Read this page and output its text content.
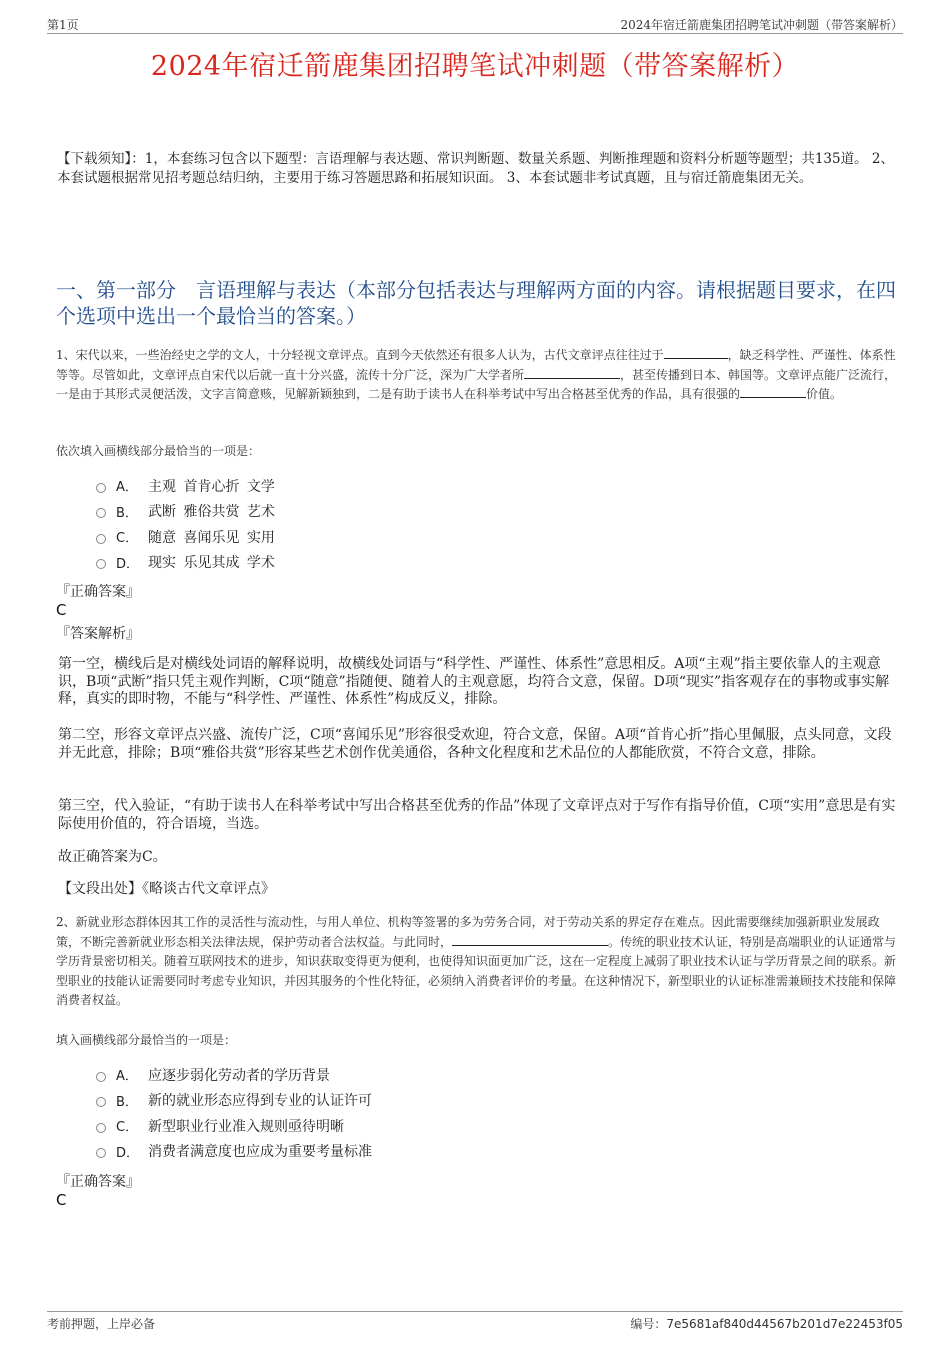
第1页	2024年宿迁箭鹿集团招聘笔试冲刺题（带答案解析）
2024年宿迁箭鹿集团招聘笔试冲刺题（带答案解析）
【下载须知】：1，本套练习包含以下题型：言语理解与表达题、常识判断题、数量关系题、判断推理题和资料分析题等题型；共135道。 2、本套试题根据常见招考题总结归纳，主要用于练习答题思路和拓展知识面。 3、本套试题非考试真题，且与宿迁箭鹿集团无关。
一、第一部分　言语理解与表达（本部分包括表达与理解两方面的内容。请根据题目要求，在四个选项中选出一个最恰当的答案。）
1、宋代以来，一些治经史之学的文人，十分轻视文章评点。直到今天依然还有很多人认为，古代文章评点往往过于	，缺乏科学性、严谨性、体系性等等。尽管如此，文章评点自宋代以后就一直十分兴盛，流传十分广泛，深为广大学者所	，甚至传播到日本、韩国等。文章评点能广泛流行，一是由于其形式灵便活泼，文字言简意赅，见解新颖独到，二是有助于读书人在科举考试中写出合格甚至优秀的作品，具有很强的	价值。
依次填入画横线部分最恰当的一项是：
A． 主观 首肯心折 文学
B． 武断 雅俗共赏 艺术
C． 随意 喜闻乐见 实用
D． 现实 乐见其成 学术
『正确答案』
C
『答案解析』
第一空，横线后是对横线处词语的解释说明，故横线处词语与“科学性、严谨性、体系性”意思相反。A项“主观”指主要依靠人的主观意识，B项“武断”指只凭主观作判断，C项“随意”指随便、随着人的主观意愿，均符合文意，保留。D项“现实”指客观存在的事物或事实解释，真实的即时物，不能与“科学性、严谨性、体系性”构成反义，排除。
第二空，形容文章评点兴盛、流传广泛，C项“喜闻乐见”形容很受欢迎，符合文意，保留。A项“首肯心折”指心里佩服，点头同意，文段并无此意，排除；B项“雅俗共赏”形容某些艺术创作优美通俗，各种文化程度和艺术品位的人都能欣赏，不符合文意，排除。
第三空，代入验证，“有助于读书人在科举考试中写出合格甚至优秀的作品”体现了文章评点对于写作有指导价值，C项“实用”意思是有实际使用价值的，符合语境，当选。
故正确答案为C。
【文段出处】《略谈古代文章评点》
2、新就业形态群体因其工作的灵活性与流动性，与用人单位、机构等签署的多为劳务合同，对于劳动关系的界定存在难点。因此需要继续加强新职业发展政策，不断完善新就业形态相关法律法规，保护劳动者合法权益。与此同时，	。传统的职业技术认证，特别是高端职业的认证通常与学历背景密切相关。随着互联网技术的进步，知识获取变得更为便利，也使得知识面更加广泛，这在一定程度上减弱了职业技术认证与学历背景之间的联系。新型职业的技能认证需要同时考虑专业知识，并因其服务的个性化特征，必须纳入消费者评价的考量。在这种情况下，新型职业的认证标准需兼顾技术技能和保障消费者权益。
填入画横线部分最恰当的一项是：
A． 应逐步弱化劳动者的学历背景
B． 新的就业形态应得到专业的认证许可
C． 新型职业行业准入规则亟待明晰
D． 消费者满意度也应成为重要考量标准
『正确答案』
C
考前押题，上岸必备	编号：7e5681af840d44567b201d7e22453f05
